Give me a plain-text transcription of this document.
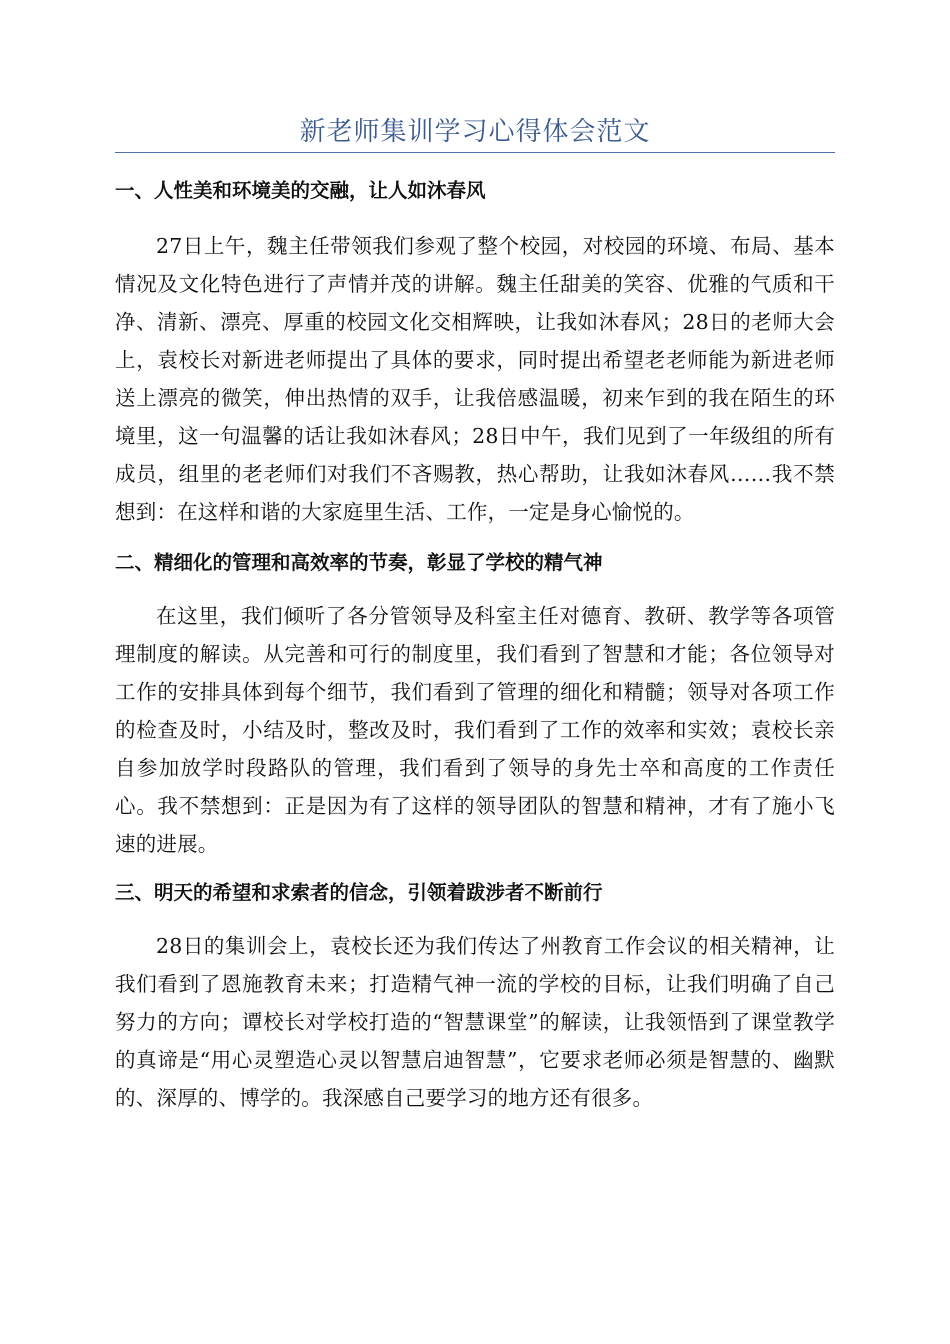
新老师集训学习心得体会范文
一、人性美和环境美的交融，让人如沐春风

27日上午，魏主任带领我们参观了整个校园，对校园的环境、布局、基本情况及文化特色进行了声情并茂的讲解。魏主任甜美的笑容、优雅的气质和干净、清新、漂亮、厚重的校园文化交相辉映，让我如沐春风；28日的老师大会上，袁校长对新进老师提出了具体的要求，同时提出希望老老师能为新进老师送上漂亮的微笑，伸出热情的双手，让我倍感温暖，初来乍到的我在陌生的环境里，这一句温馨的话让我如沐春风；28日中午，我们见到了一年级组的所有成员，组里的老老师们对我们不吝赐教，热心帮助，让我如沐春风……我不禁想到：在这样和谐的大家庭里生活、工作，一定是身心愉悦的。

二、精细化的管理和高效率的节奏，彰显了学校的精气神

在这里，我们倾听了各分管领导及科室主任对德育、教研、教学等各项管理制度的解读。从完善和可行的制度里，我们看到了智慧和才能；各位领导对工作的安排具体到每个细节，我们看到了管理的细化和精髓；领导对各项工作的检查及时，小结及时，整改及时，我们看到了工作的效率和实效；袁校长亲自参加放学时段路队的管理，我们看到了领导的身先士卒和高度的工作责任心。我不禁想到：正是因为有了这样的领导团队的智慧和精神，才有了施小飞速的进展。

三、明天的希望和求索者的信念，引领着跋涉者不断前行

28日的集训会上，袁校长还为我们传达了州教育工作会议的相关精神，让我们看到了恩施教育未来；打造精气神一流的学校的目标，让我们明确了自己努力的方向；谭校长对学校打造的“智慧课堂”的解读，让我领悟到了课堂教学的真谛是“用心灵塑造心灵以智慧启迪智慧”，它要求老师必须是智慧的、幽默的、深厚的、博学的。我深感自己要学习的地方还有很多。
